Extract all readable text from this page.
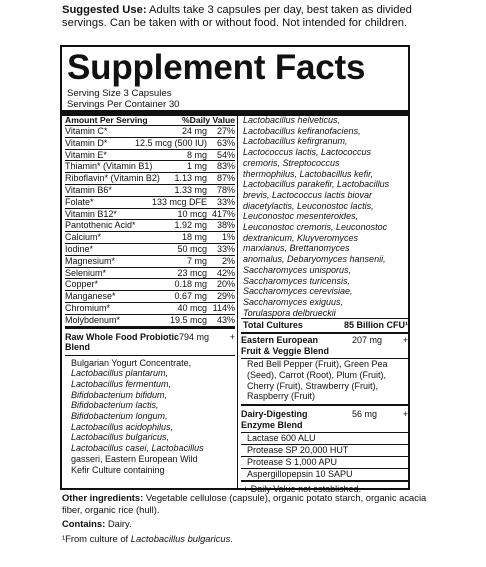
Suggested Use: Adults take 3 capsules per day, best taken as divided servings. Can be taken with or without food. Not intended for children.
Supplement Facts
Serving Size 3 Capsules
Servings Per Container 30
Amount Per Serving	%Daily Value
Vitamin C*	24 mg	27%
Vitamin D*	12.5 mcg (500 IU)	63%
Vitamin E*	8 mg	54%
Thiamin* (Vitamin B1)	1 mg	83%
Riboflavin* (Vitamin B2)	1.13 mg	87%
Vitamin B6*	1.33 mg	78%
Folate*	133 mcg DFE	33%
Vitamin B12*	10 mcg 417%
Pantothenic Acid*	1.92 mg	38%
Calcium*	18 mg	1%
Iodine*	50 mcg	33%
Magnesium*	7 mg	2%
Selenium*	23 mcg	42%
Copper*	0.18 mg	20%
Manganese*	0.67 mg	29%
Chromium*	40 mcg 114%
Molybdenum*	19.5 mcg	43%
Raw Whole Food Probiotic Blend
794 mg	+
Bulgarian Yogurt Concentrate,
Lactobacillus plantarum,
Lactobacillus fermentum,
Bifidobacterium bifidum,
Bifidobacterium lactis,
Bifidobacterium longum,
Lactobacillus acidophilus,
Lactobacillus bulgaricus,
Lactobacillus casei, Lactobacillus
gasseri, Eastern European Wild
Kefir Culture containing
Lactobacillus helveticus,
Lactobacillus kefiranofaciens,
Lactobacillus kefirgranum,
Lactococcus lactis, Lactococcus
cremoris, Streptococcus
thermophilus, Lactobacillus kefir,
Lactobacillus parakefir, Lactobacillus
brevis, Lactococcus lactis biovar
diacetylactis, Leuconostoc lactis,
Leuconostoc mesenteroides,
Leuconostoc cremoris, Leuconostoc
dextranicum, Kluyveromyces
marxianus, Brettanomyces
anomalus, Debaryomyces hansenii,
Saccharomyces unisporus,
Saccharomyces turicensis,
Saccharomyces cerevisiae,
Saccharomyces exiguus,
Torulaspora delbrueckii
Total Cultures	85 Billion CFU¹
Eastern European
Fruit & Veggie Blend
207 mg	+
Red Bell Pepper (Fruit), Green Pea
(Seed), Carrot (Root), Plum (Fruit),
Cherry (Fruit), Strawberry (Fruit),
Raspberry (Fruit)
Dairy-Digesting
Enzyme Blend
56 mg	+
Lactase 600 ALU
Protease SP 20,000 HUT
Protease S 1,000 APU
Aspergillopepsin 10 SAPU
+ Daily Value not established.
Other ingredients: Vegetable cellulose (capsule), organic potato starch, organic acacia fiber, organic rice (hull).
Contains: Dairy.
¹From culture of Lactobacillus bulgaricus.
